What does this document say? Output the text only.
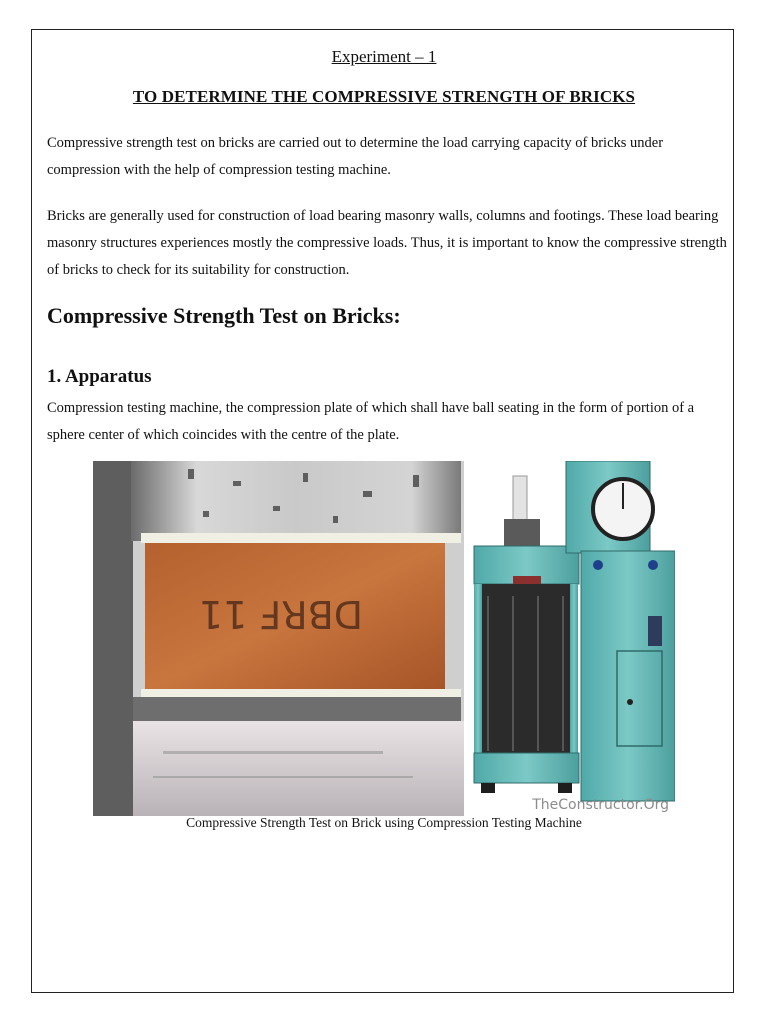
Experiment – 1
TO DETERMINE THE COMPRESSIVE STRENGTH OF BRICKS
Compressive strength test on bricks are carried out to determine the load carrying capacity of bricks under compression with the help of compression testing machine.
Bricks are generally used for construction of load bearing masonry walls, columns and footings. These load bearing masonry structures experiences mostly the compressive loads. Thus, it is important to know the compressive strength of bricks to check for its suitability for construction.
Compressive Strength Test on Bricks:
1. Apparatus
Compression testing machine, the compression plate of which shall have ball seating in the form of portion of a sphere center of which coincides with the centre of the plate.
DBRF 11
TheConstructor.Org
Compressive Strength Test on Brick using Compression Testing Machine
